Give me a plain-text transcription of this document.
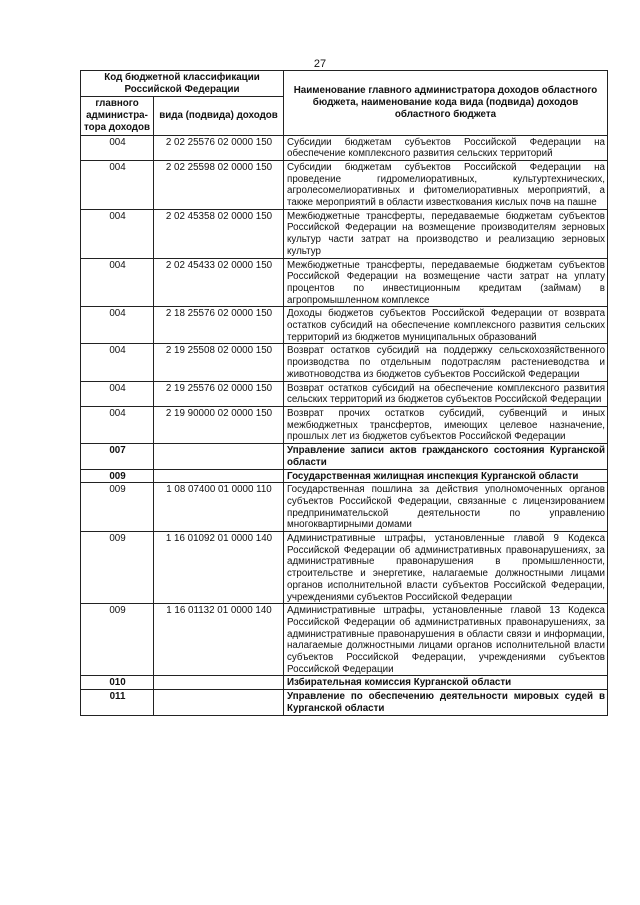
27
Код бюджетной классификации Российской Федерации		Наименование главного администратора доходов областного бюджета, наименование кода вида (подвида) доходов областного бюджета
главного администра-тора доходов	вида (подвида) доходов	
004	2 02 25576 02 0000 150	Субсидии бюджетам субъектов Российской Федерации на обеспечение комплексного развития сельских территорий
004	2 02 25598 02 0000 150	Субсидии бюджетам субъектов Российской Федерации на проведение гидромелиоративных, культуртехнических, агролесомелиоративных и фитомелиоративных мероприятий, а также мероприятий в области известкования кислых почв на пашне
004	2 02 45358 02 0000 150	Межбюджетные трансферты, передаваемые бюджетам субъектов Российской Федерации на возмещение производителям зерновых культур части затрат на производство и реализацию зерновых культур
004	2 02 45433 02 0000 150	Межбюджетные трансферты, передаваемые бюджетам субъектов Российской Федерации на возмещение части затрат на уплату процентов по инвестиционным кредитам (займам) в агропромышленном комплексе
004	2 18 25576 02 0000 150	Доходы бюджетов субъектов Российской Федерации от возврата остатков субсидий на обеспечение комплексного развития сельских территорий из бюджетов муниципальных образований
004	2 19 25508 02 0000 150	Возврат остатков субсидий на поддержку сельскохозяйственного производства по отдельным подотраслям растениеводства и животноводства из бюджетов субъектов Российской Федерации
004	2 19 25576 02 0000 150	Возврат остатков субсидий на обеспечение комплексного развития сельских территорий из бюджетов субъектов Российской Федерации
004	2 19 90000 02 0000 150	Возврат прочих остатков субсидий, субвенций и иных межбюджетных трансфертов, имеющих целевое назначение, прошлых лет из бюджетов субъектов Российской Федерации
007		Управление записи актов гражданского состояния Курганской области
009		Государственная жилищная инспекция Курганской области
009	1 08 07400 01 0000 110	Государственная пошлина за действия уполномоченных органов субъектов Российской Федерации, связанные с лицензированием предпринимательской деятельности по управлению многоквартирными домами
009	1 16 01092 01 0000 140	Административные штрафы, установленные главой 9 Кодекса Российской Федерации об административных правонарушениях, за административные правонарушения в промышленности, строительстве и энергетике, налагаемые должностными лицами органов исполнительной власти субъектов Российской Федерации, учреждениями субъектов Российской Федерации
009	1 16 01132 01 0000 140	Административные штрафы, установленные главой 13 Кодекса Российской Федерации об административных правонарушениях, за административные правонарушения в области связи и информации, налагаемые должностными лицами органов исполнительной власти субъектов Российской Федерации, учреждениями субъектов Российской Федерации
010		Избирательная комиссия Курганской области
011		Управление по обеспечению деятельности мировых судей в Курганской области
